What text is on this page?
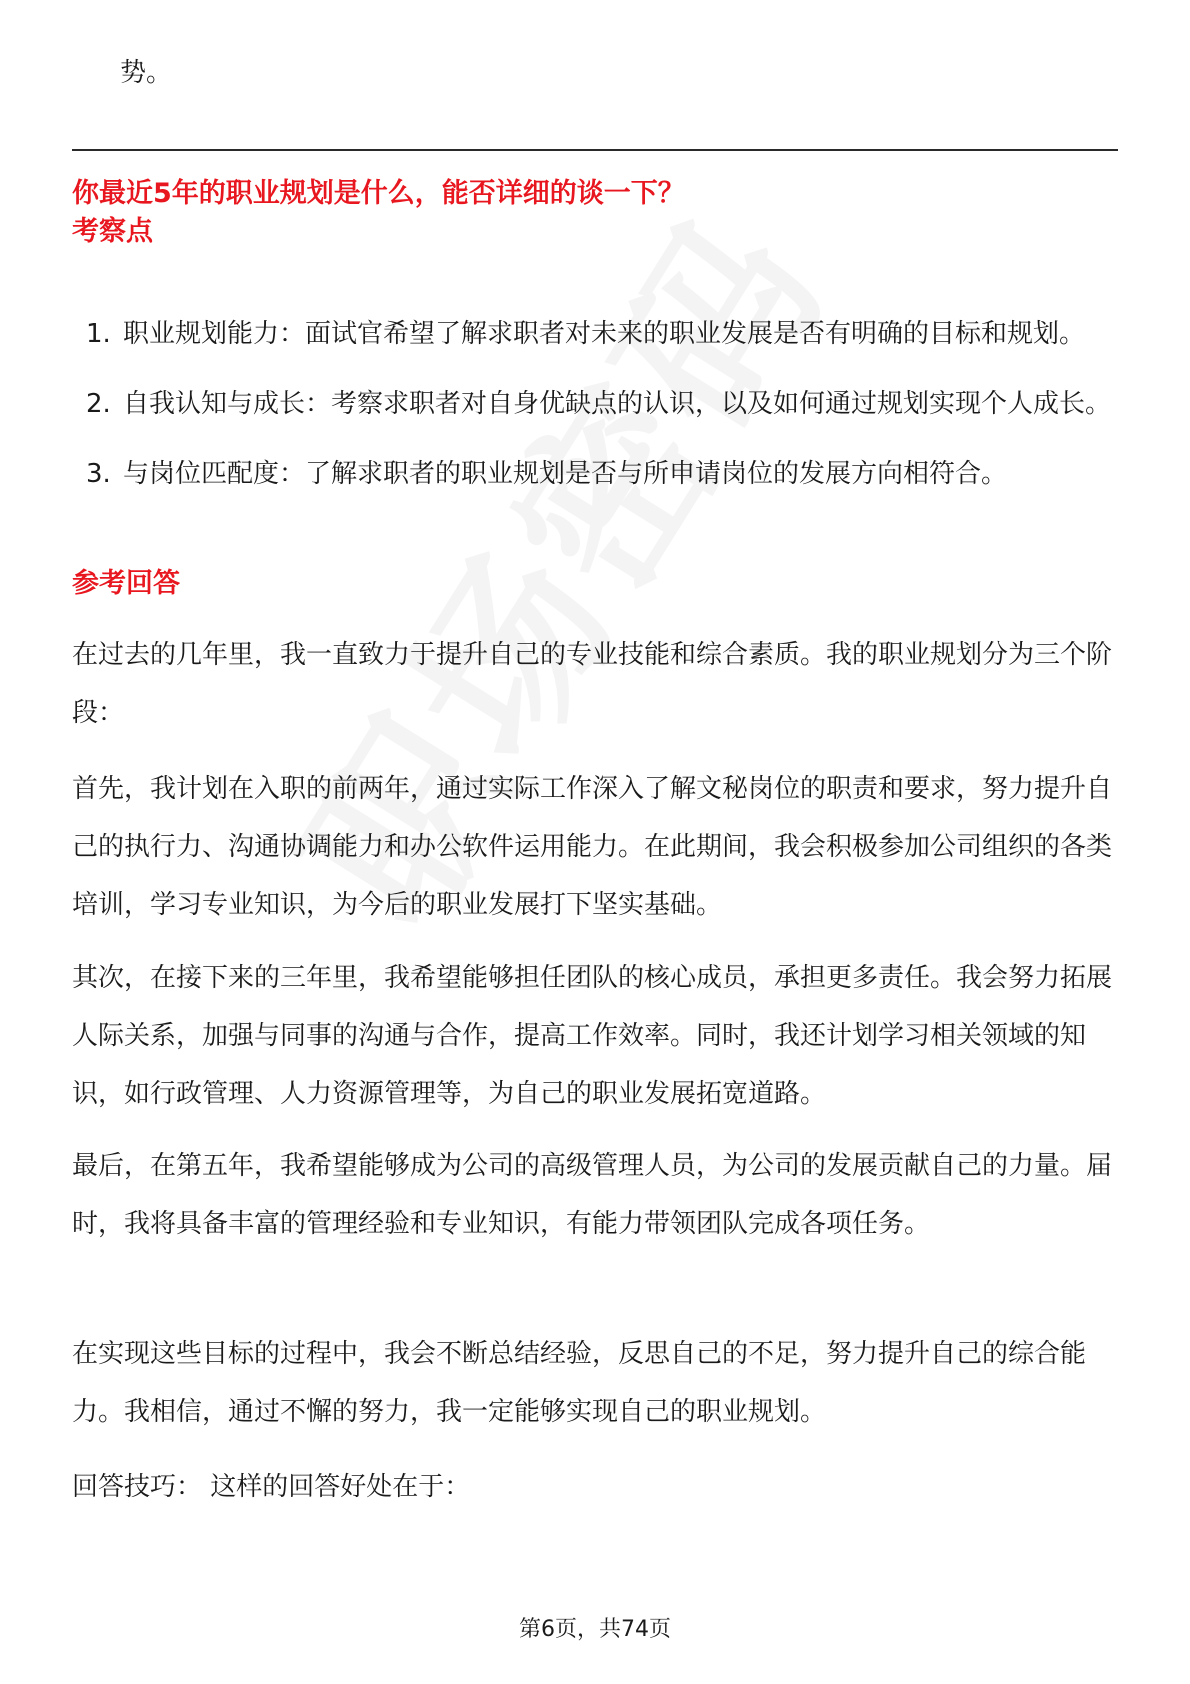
势。
你最近5年的职业规划是什么，能否详细的谈一下？
考察点
1. 职业规划能力：面试官希望了解求职者对未来的职业发展是否有明确的目标和规划。
2. 自我认知与成长：考察求职者对自身优缺点的认识，以及如何通过规划实现个人成长。
3. 与岗位匹配度：了解求职者的职业规划是否与所申请岗位的发展方向相符合。
参考回答

在过去的几年里，我一直致力于提升自己的专业技能和综合素质。我的职业规划分为三个阶段：

首先，我计划在入职的前两年，通过实际工作深入了解文秘岗位的职责和要求，努力提升自己的执行力、沟通协调能力和办公软件运用能力。在此期间，我会积极参加公司组织的各类培训，学习专业知识，为今后的职业发展打下坚实基础。

其次，在接下来的三年里，我希望能够担任团队的核心成员，承担更多责任。我会努力拓展人际关系，加强与同事的沟通与合作，提高工作效率。同时，我还计划学习相关领域的知识，如行政管理、人力资源管理等，为自己的职业发展拓宽道路。

最后，在第五年，我希望能够成为公司的高级管理人员，为公司的发展贡献自己的力量。届时，我将具备丰富的管理经验和专业知识，有能力带领团队完成各项任务。

在实现这些目标的过程中，我会不断总结经验，反思自己的不足，努力提升自己的综合能力。我相信，通过不懈的努力，我一定能够实现自己的职业规划。

回答技巧： 这样的回答好处在于：

第6页，共74页
